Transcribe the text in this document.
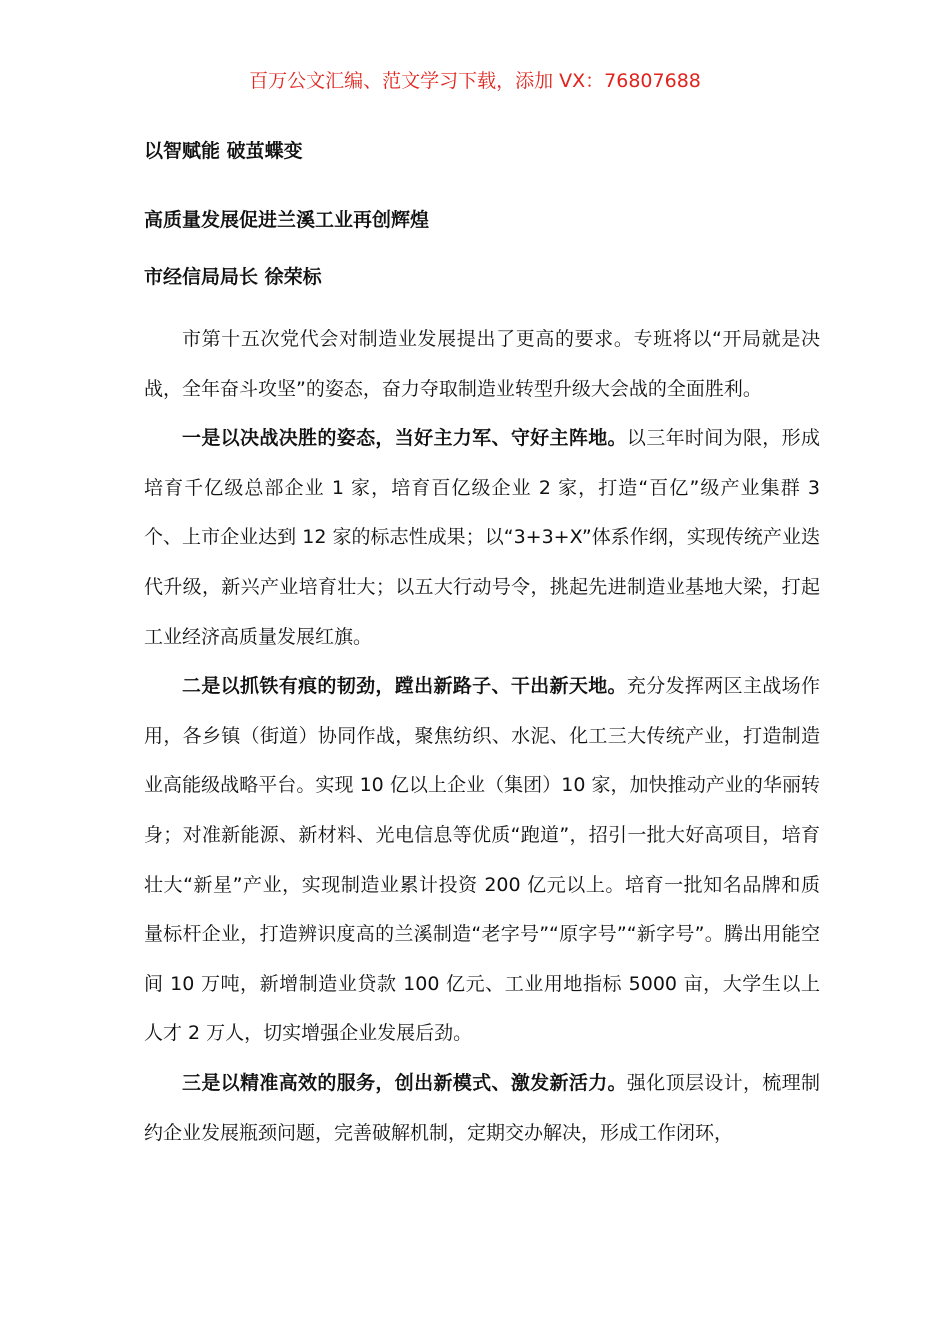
百万公文汇编、范文学习下载，添加 VX：76807688
以智赋能 破茧蝶变
高质量发展促进兰溪工业再创辉煌
市经信局局长 徐荣标

市第十五次党代会对制造业发展提出了更高的要求。专班将以“开局就是决战，全年奋斗攻坚”的姿态，奋力夺取制造业转型升级大会战的全面胜利。

一是以决战决胜的姿态，当好主力军、守好主阵地。以三年时间为限，形成培育千亿级总部企业 1 家，培育百亿级企业 2 家，打造“百亿”级产业集群 3 个、上市企业达到 12 家的标志性成果；以“3+3+X”体系作纲，实现传统产业迭代升级，新兴产业培育壮大；以五大行动号令，挑起先进制造业基地大梁，打起工业经济高质量发展红旗。

二是以抓铁有痕的韧劲，蹚出新路子、干出新天地。充分发挥两区主战场作用，各乡镇（街道）协同作战，聚焦纺织、水泥、化工三大传统产业，打造制造业高能级战略平台。实现 10 亿以上企业（集团）10 家，加快推动产业的华丽转身；对准新能源、新材料、光电信息等优质“跑道”，招引一批大好高项目，培育壮大“新星”产业，实现制造业累计投资 200 亿元以上。培育一批知名品牌和质量标杆企业，打造辨识度高的兰溪制造“老字号”“原字号”“新字号”。腾出用能空间 10 万吨，新增制造业贷款 100 亿元、工业用地指标 5000 亩，大学生以上人才 2 万人，切实增强企业发展后劲。

三是以精准高效的服务，创出新模式、激发新活力。强化顶层设计，梳理制约企业发展瓶颈问题，完善破解机制，定期交办解决，形成工作闭环，
